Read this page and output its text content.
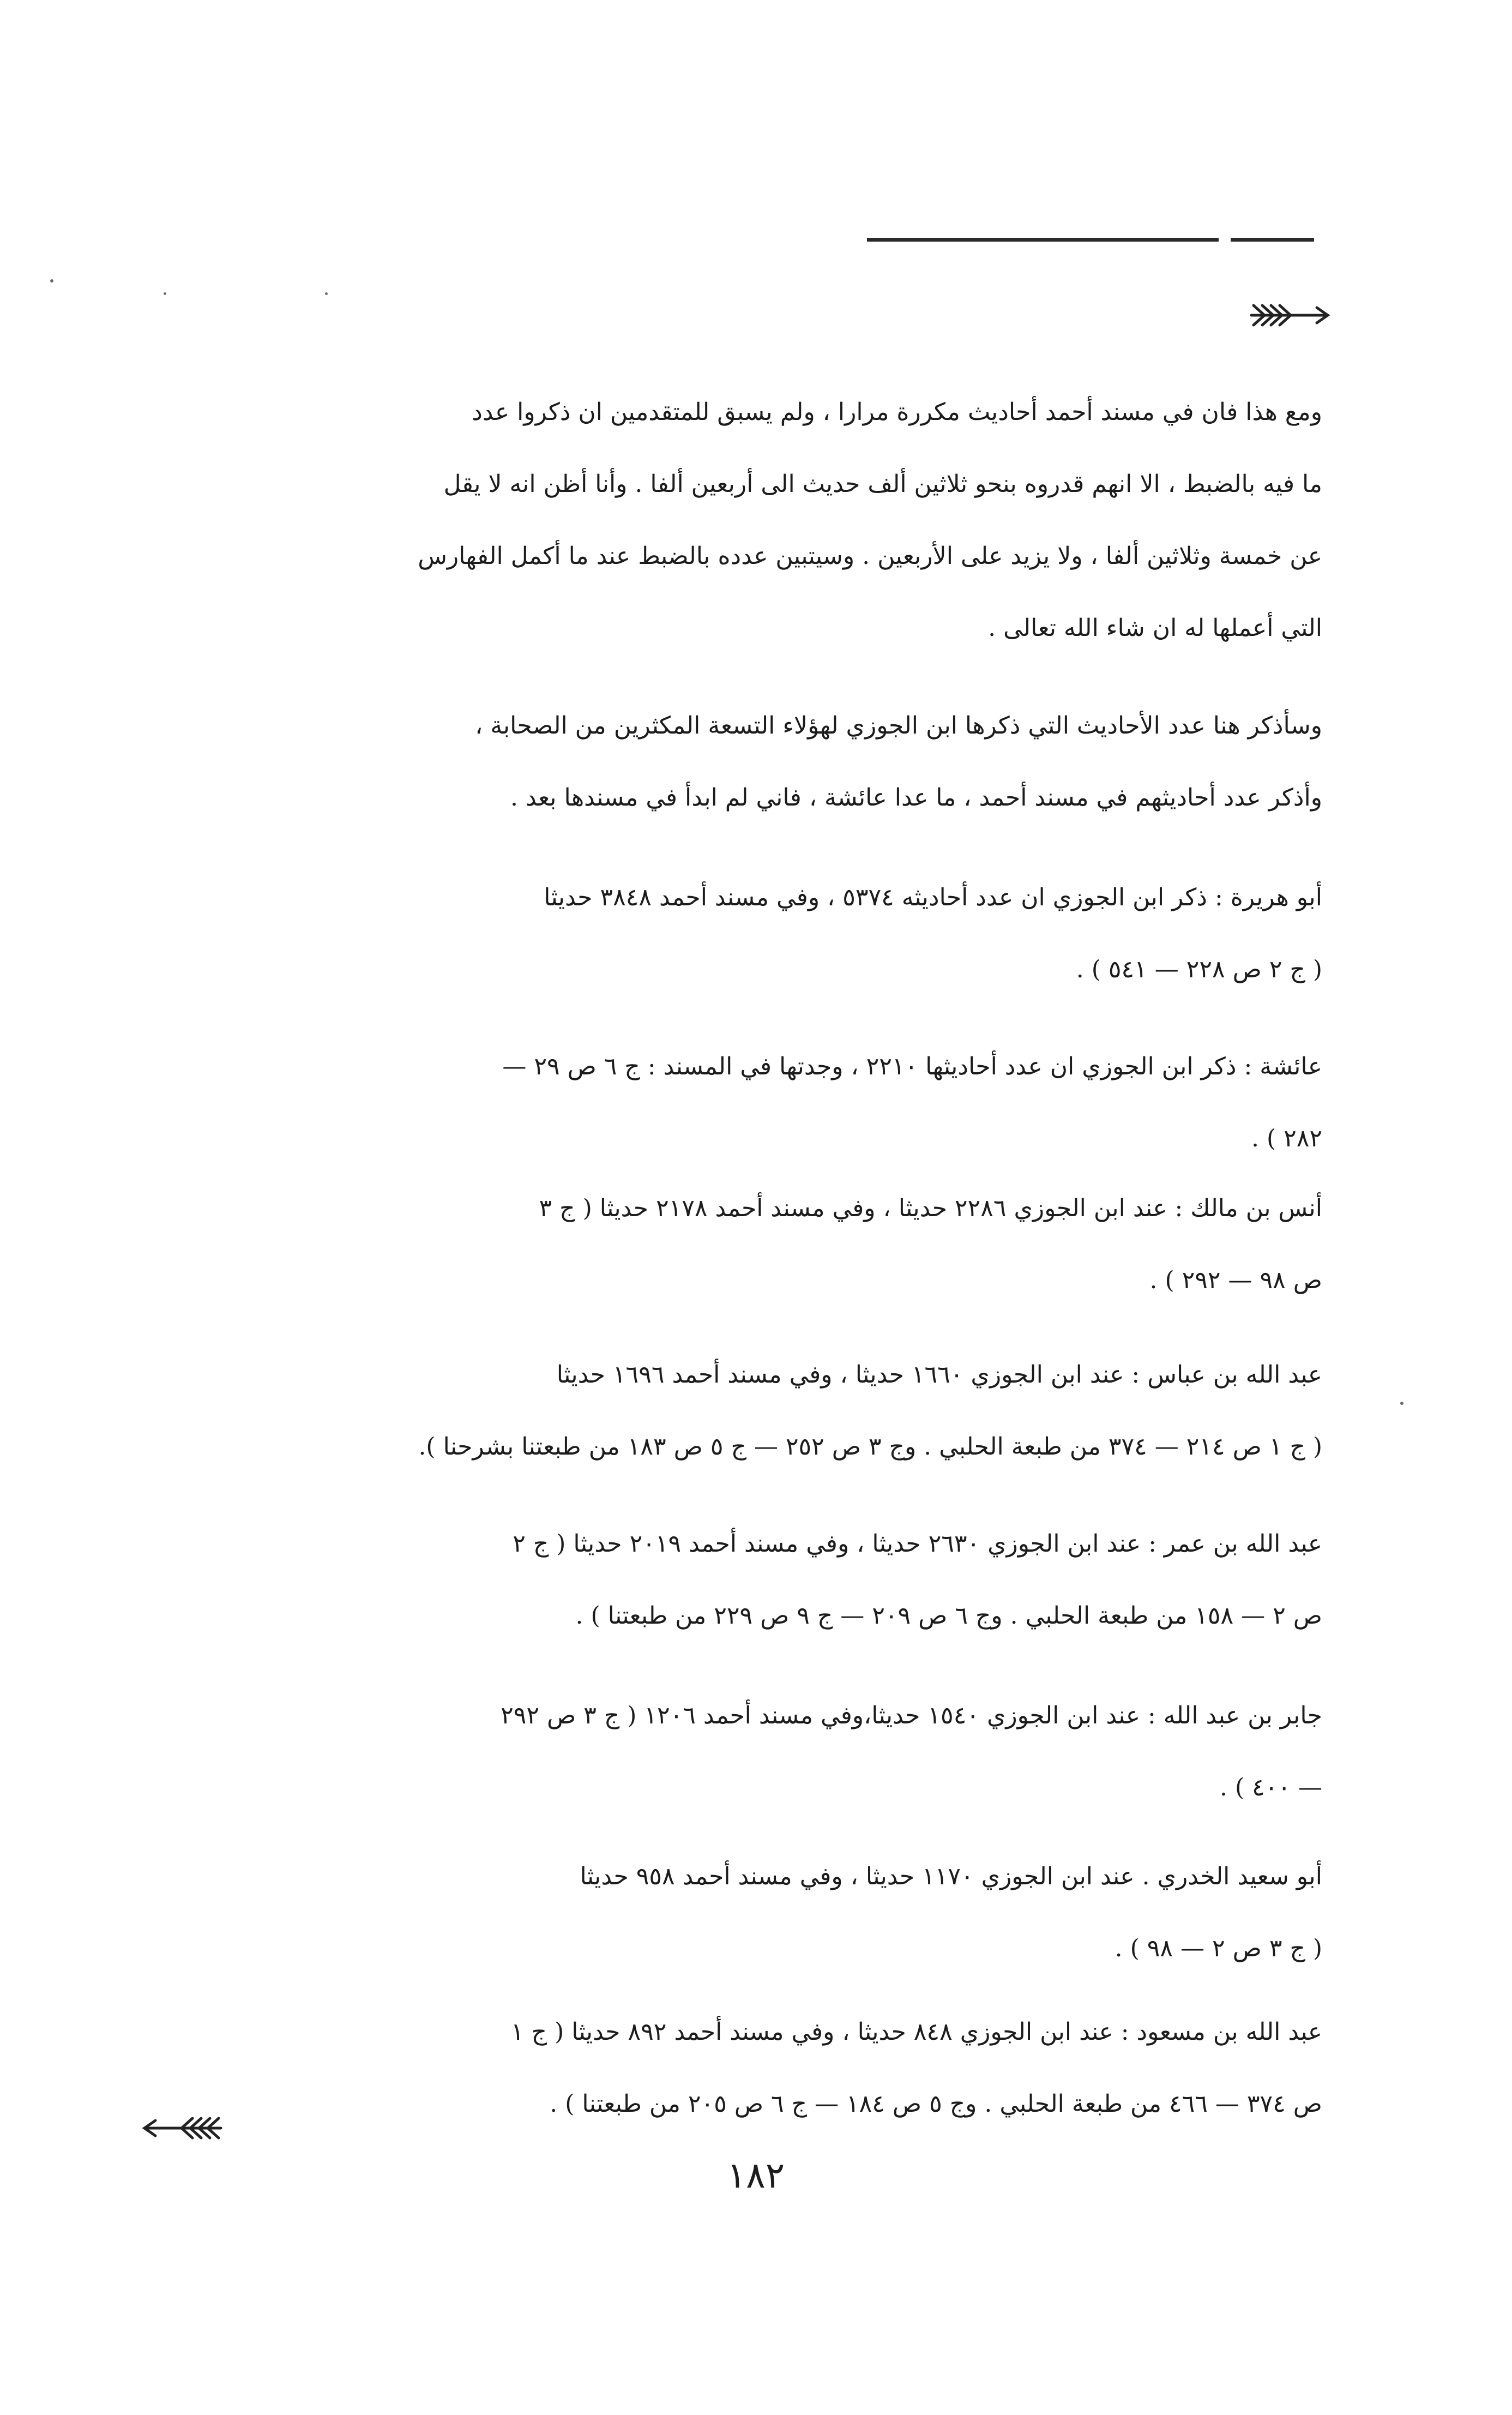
ومع هذا فان في مسند أحمد أحاديث مكررة مرارا ، ولم يسبق للمتقدمين ان ذكروا عدد
ما فيه بالضبط ، الا انهم قدروه بنحو ثلاثين ألف حديث الى أربعين ألفا . وأنا أظن انه لا يقل
عن خمسة وثلاثين ألفا ، ولا يزيد على الأربعين . وسيتبين عدده بالضبط عند ما أكمل الفهارس
التي أعملها له ان شاء الله تعالى .
وسأذكر هنا عدد الأحاديث التي ذكرها ابن الجوزي لهؤلاء التسعة المكثرين من الصحابة ،
وأذكر عدد أحاديثهم في مسند أحمد ، ما عدا عائشة ، فاني لم ابدأ في مسندها بعد .
أبو هريرة : ذكر ابن الجوزي ان عدد أحاديثه ٥٣٧٤ ، وفي مسند أحمد ٣٨٤٨ حديثا
( ج ٢ ص ٢٢٨ — ٥٤١ ) .
عائشة : ذكر ابن الجوزي ان عدد أحاديثها ٢٢١٠ ، وجدتها في المسند : ج ٦ ص ٢٩ —
٢٨٢ ) .
أنس بن مالك : عند ابن الجوزي ٢٢٨٦ حديثا ، وفي مسند أحمد ٢١٧٨ حديثا ( ج ٣
ص ٩٨ — ٢٩٢ ) .
عبد الله بن عباس : عند ابن الجوزي ١٦٦٠ حديثا ، وفي مسند أحمد ١٦٩٦ حديثا
( ج ١ ص ٢١٤ — ٣٧٤ من طبعة الحلبي . وج ٣ ص ٢٥٢ — ج ٥ ص ١٨٣ من طبعتنا بشرحنا ).
عبد الله بن عمر : عند ابن الجوزي ٢٦٣٠ حديثا ، وفي مسند أحمد ٢٠١٩ حديثا ( ج ٢
ص ٢ — ١٥٨ من طبعة الحلبي . وج ٦ ص ٢٠٩ — ج ٩ ص ٢٢٩ من طبعتنا ) .
جابر بن عبد الله : عند ابن الجوزي ١٥٤٠ حديثا،وفي مسند أحمد ١٢٠٦ ( ج ٣ ص ٢٩٢
— ٤٠٠ ) .
أبو سعيد الخدري . عند ابن الجوزي ١١٧٠ حديثا ، وفي مسند أحمد ٩٥٨ حديثا
( ج ٣ ص ٢ — ٩٨ ) .
عبد الله بن مسعود : عند ابن الجوزي ٨٤٨ حديثا ، وفي مسند أحمد ٨٩٢ حديثا ( ج ١
ص ٣٧٤ — ٤٦٦ من طبعة الحلبي . وج ٥ ص ١٨٤ — ج ٦ ص ٢٠٥ من طبعتنا ) .
١٨٢
